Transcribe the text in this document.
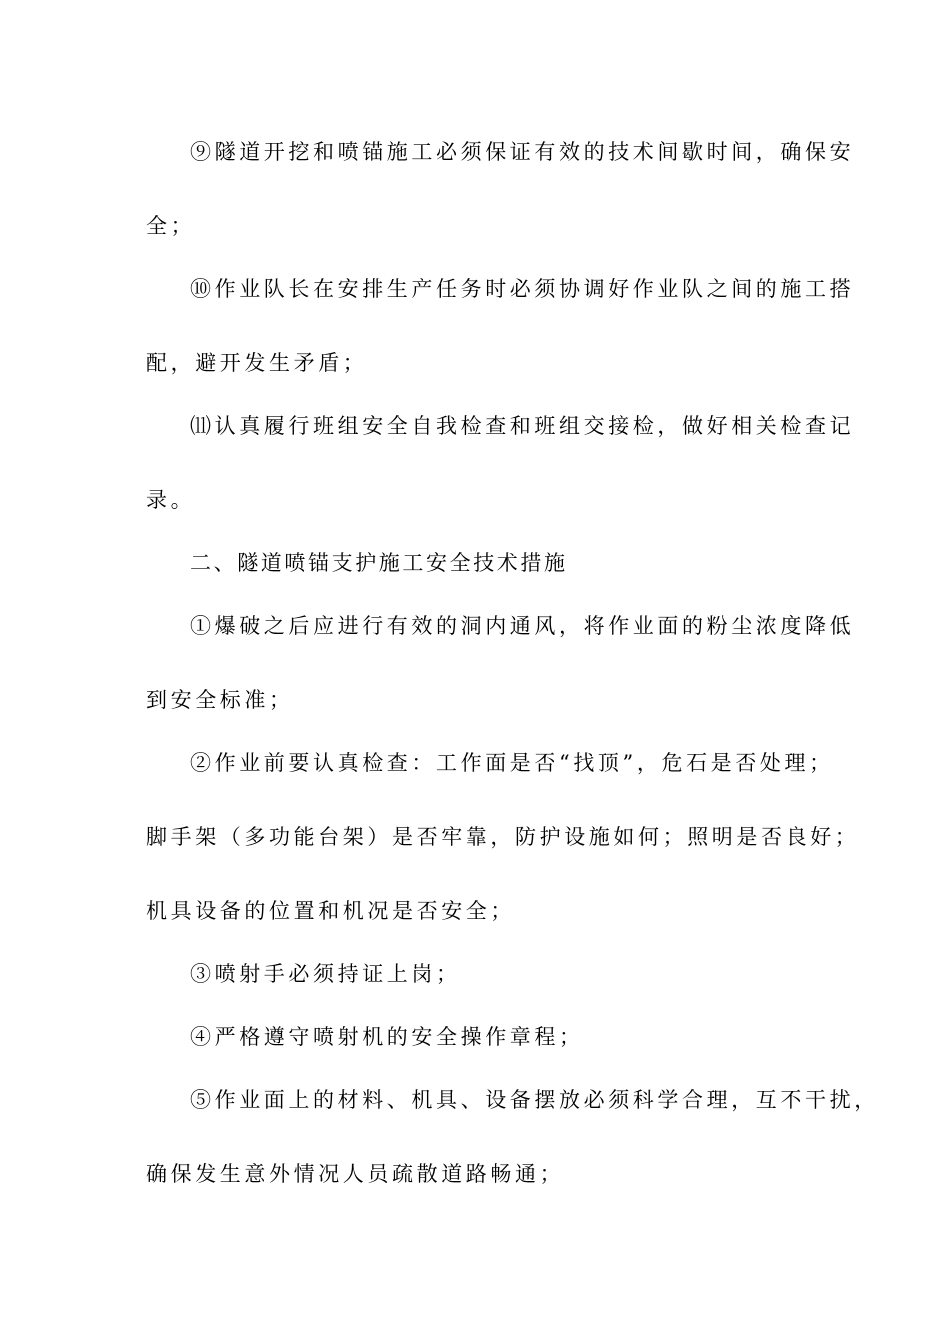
⑨隧道开挖和喷锚施工必须保证有效的技术间歇时间，确保安
全；
⑩作业队长在安排生产任务时必须协调好作业队之间的施工搭
配，避开发生矛盾；
⑾认真履行班组安全自我检查和班组交接检，做好相关检查记
录。
二、隧道喷锚支护施工安全技术措施
①爆破之后应进行有效的洞内通风，将作业面的粉尘浓度降低
到安全标准；
②作业前要认真检查：工作面是否“找顶”，危石是否处理；
脚手架（多功能台架）是否牢靠，防护设施如何；照明是否良好；
机具设备的位置和机况是否安全；
③喷射手必须持证上岗；
④严格遵守喷射机的安全操作章程；
⑤作业面上的材料、机具、设备摆放必须科学合理，互不干扰，
确保发生意外情况人员疏散道路畅通；
